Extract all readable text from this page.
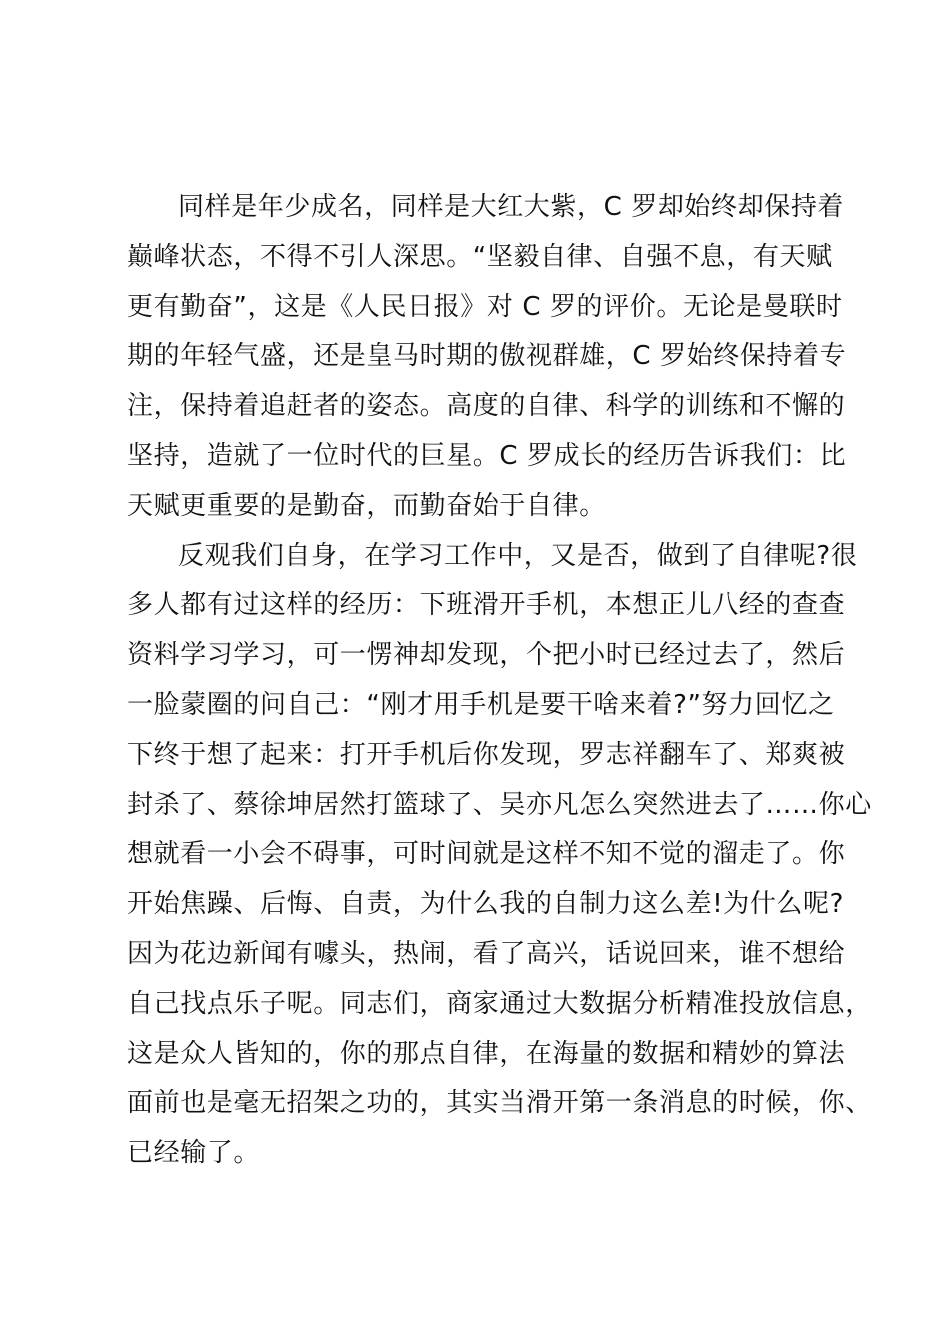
同样是年少成名，同样是大红大紫，C 罗却始终却保持着
巅峰状态，不得不引人深思。“坚毅自律、自强不息，有天赋
更有勤奋”，这是《人民日报》对 C 罗的评价。无论是曼联时
期的年轻气盛，还是皇马时期的傲视群雄，C 罗始终保持着专
注，保持着追赶者的姿态。高度的自律、科学的训练和不懈的
坚持，造就了一位时代的巨星。C 罗成长的经历告诉我们：比
天赋更重要的是勤奋，而勤奋始于自律。
反观我们自身，在学习工作中，又是否，做到了自律呢?很
多人都有过这样的经历：下班滑开手机，本想正儿八经的查查
资料学习学习，可一愣神却发现，个把小时已经过去了，然后
一脸蒙圈的问自己：“刚才用手机是要干啥来着?”努力回忆之
下终于想了起来：打开手机后你发现，罗志祥翻车了、郑爽被
封杀了、蔡徐坤居然打篮球了、吴亦凡怎么突然进去了……你心
想就看一小会不碍事，可时间就是这样不知不觉的溜走了。你
开始焦躁、后悔、自责，为什么我的自制力这么差!为什么呢?
因为花边新闻有噱头，热闹，看了高兴，话说回来，谁不想给
自己找点乐子呢。同志们，商家通过大数据分析精准投放信息，
这是众人皆知的，你的那点自律，在海量的数据和精妙的算法
面前也是毫无招架之功的，其实当滑开第一条消息的时候，你、
已经输了。
